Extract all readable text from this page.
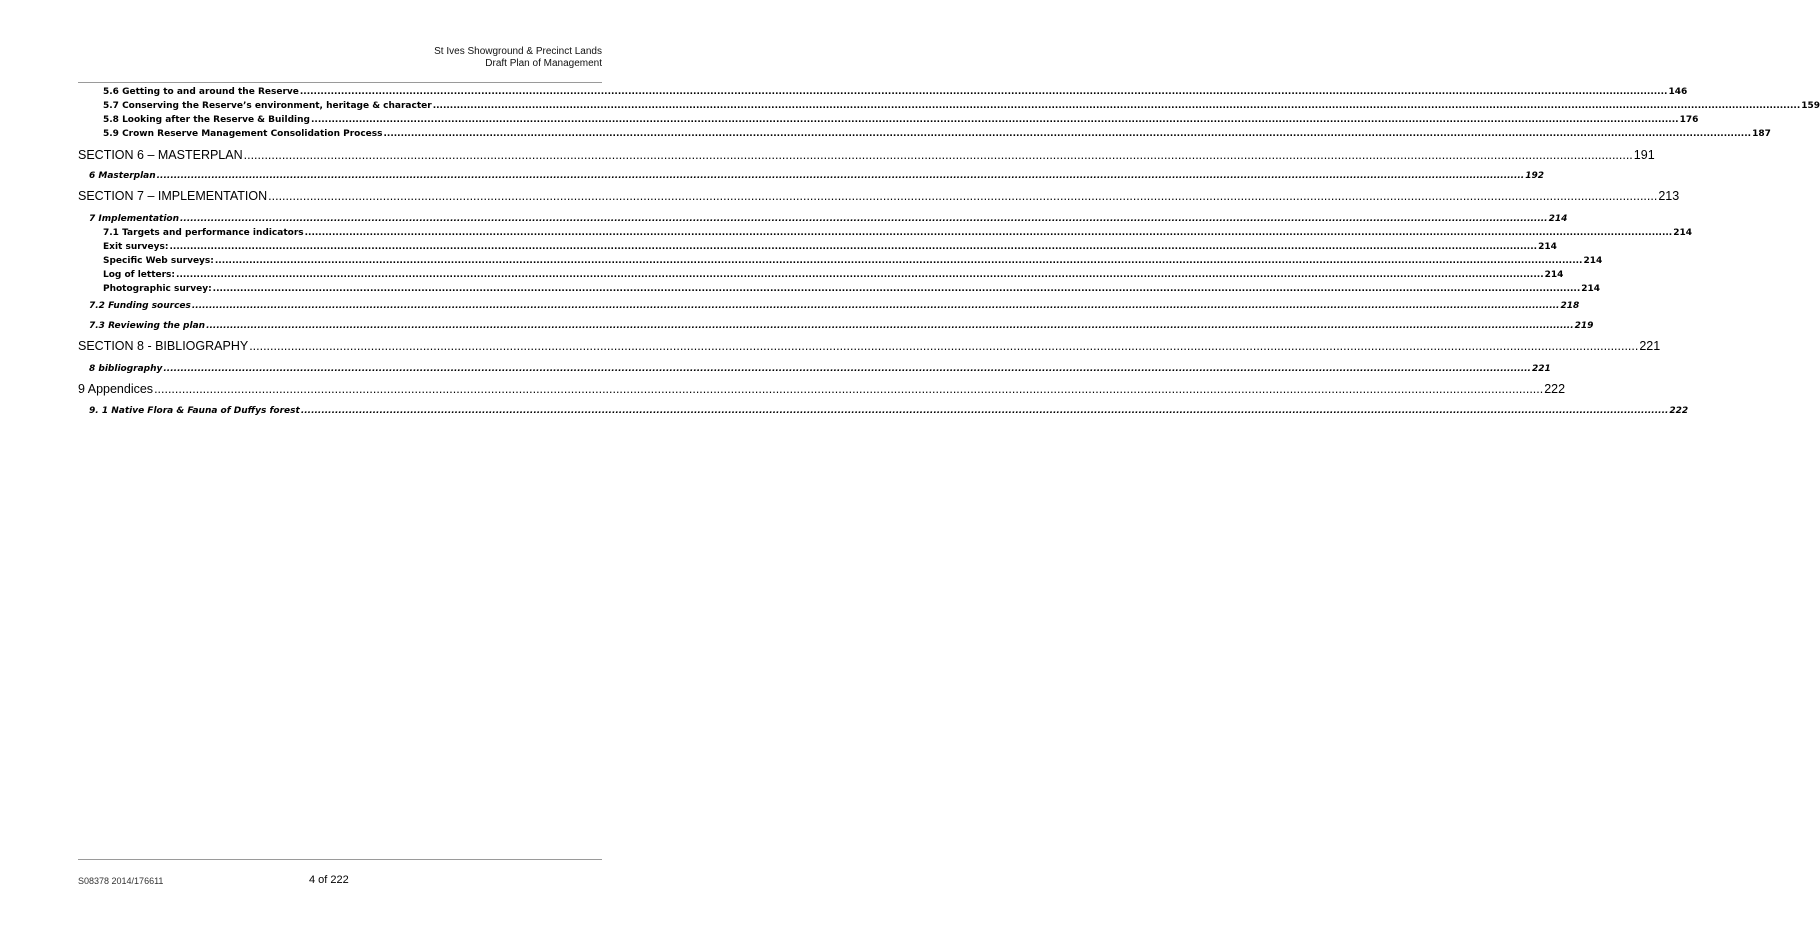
St Ives Showground & Precinct Lands
Draft Plan of Management
5.6 Getting to and around the Reserve ................................................................................................................................................................................................................................................................................................................................................................................................................ 146
5.7 Conserving the Reserve’s environment, heritage & character ................................................................................................................................................................................................................................................................................................................................................................................................................ 159
5.8 Looking after the Reserve & Building ................................................................................................................................................................................................................................................................................................................................................................................................................ 176
5.9 Crown Reserve Management Consolidation Process ................................................................................................................................................................................................................................................................................................................................................................................................................ 187
SECTION 6 – MASTERPLAN ................................................................................................................................................................................................................................................................................................................................................................................................................ 191
6 Masterplan ................................................................................................................................................................................................................................................................................................................................................................................................................ 192
SECTION 7 – IMPLEMENTATION ................................................................................................................................................................................................................................................................................................................................................................................................................ 213
7 Implementation ................................................................................................................................................................................................................................................................................................................................................................................................................ 214
7.1 Targets and performance indicators ................................................................................................................................................................................................................................................................................................................................................................................................................ 214
Exit surveys: ................................................................................................................................................................................................................................................................................................................................................................................................................ 214
Specific Web surveys: ................................................................................................................................................................................................................................................................................................................................................................................................................ 214
Log of letters: ................................................................................................................................................................................................................................................................................................................................................................................................................ 214
Photographic survey: ................................................................................................................................................................................................................................................................................................................................................................................................................ 214
7.2 Funding sources ................................................................................................................................................................................................................................................................................................................................................................................................................ 218
7.3 Reviewing the plan ................................................................................................................................................................................................................................................................................................................................................................................................................ 219
SECTION 8 - BIBLIOGRAPHY ................................................................................................................................................................................................................................................................................................................................................................................................................ 221
8 bibliography ................................................................................................................................................................................................................................................................................................................................................................................................................ 221
9 Appendices ................................................................................................................................................................................................................................................................................................................................................................................................................ 222
9. 1 Native Flora & Fauna of Duffys forest ................................................................................................................................................................................................................................................................................................................................................................................................................ 222
S08378 2014/176611	4 of 222
